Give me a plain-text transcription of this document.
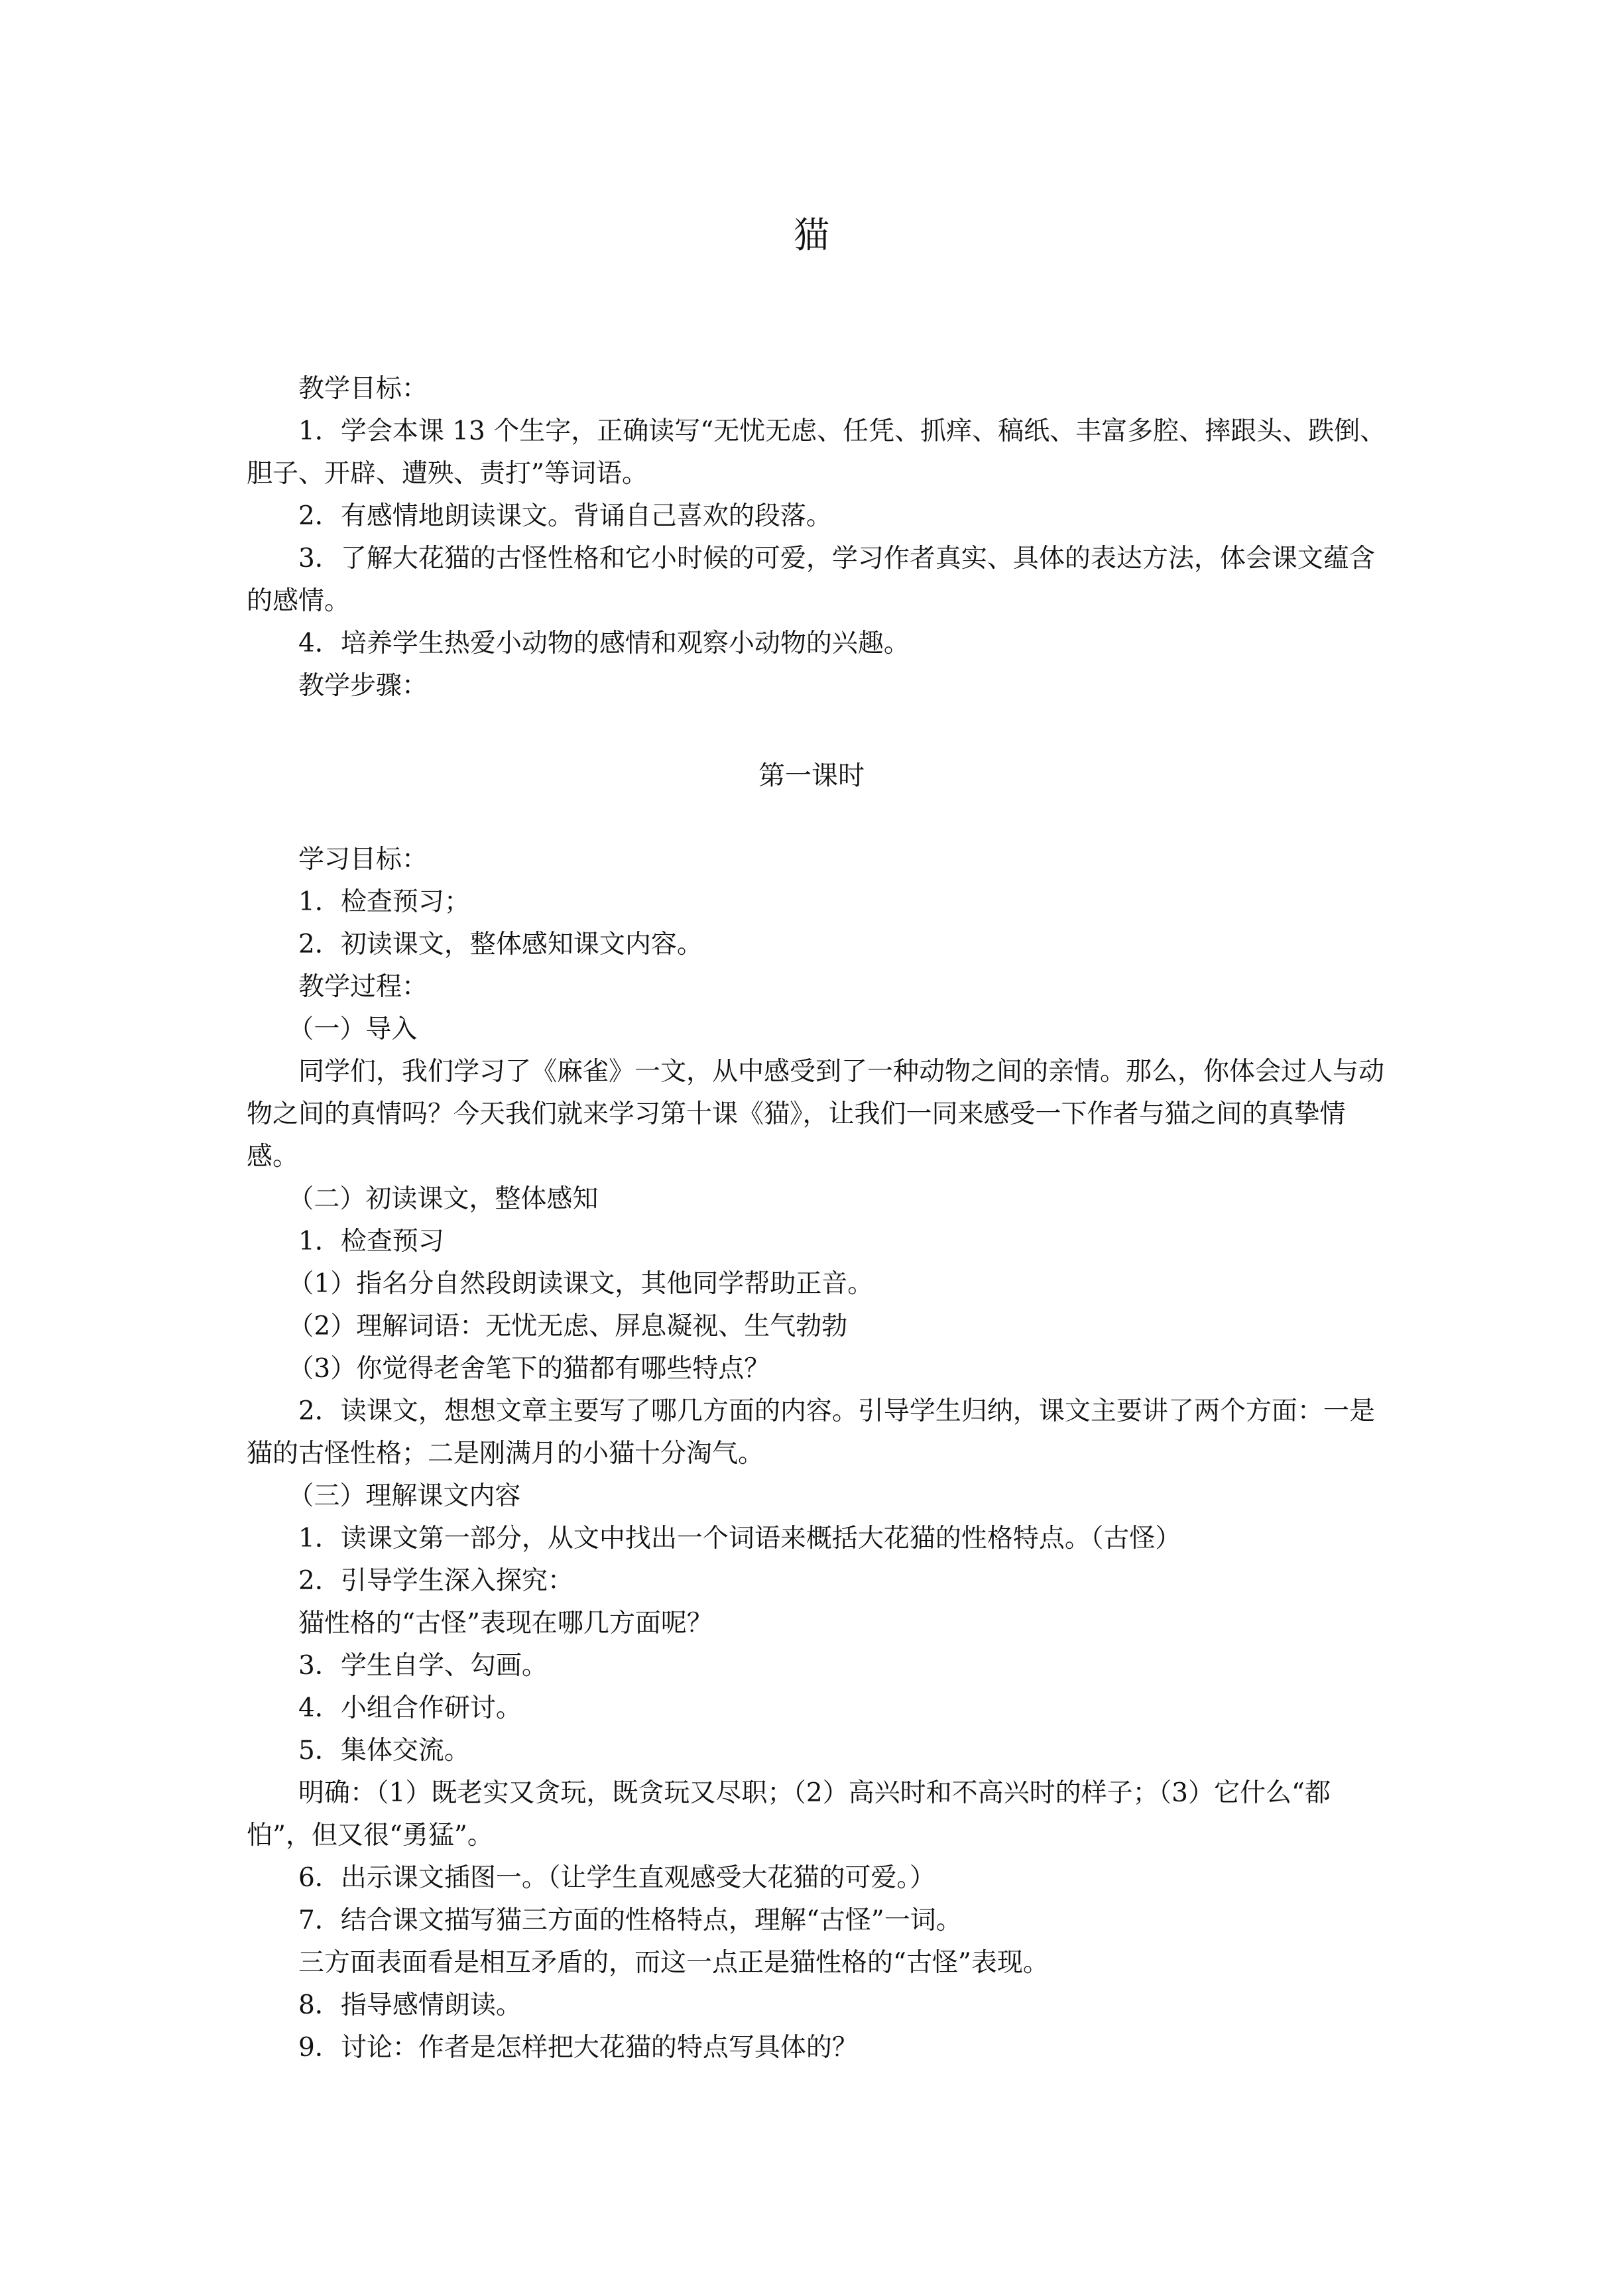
猫

教学目标：

1．学会本课 13 个生字，正确读写“无忧无虑、任凭、抓痒、稿纸、丰富多腔、摔跟头、跌倒、胆子、开辟、遭殃、责打”等词语。

2．有感情地朗读课文。背诵自己喜欢的段落。

3．了解大花猫的古怪性格和它小时候的可爱，学习作者真实、具体的表达方法，体会课文蕴含的感情。

4．培养学生热爱小动物的感情和观察小动物的兴趣。

教学步骤：

第一课时

学习目标：

1．检查预习；

2．初读课文，整体感知课文内容。

教学过程：

（一）导入

同学们，我们学习了《麻雀》一文，从中感受到了一种动物之间的亲情。那么，你体会过人与动物之间的真情吗？今天我们就来学习第十课《猫》，让我们一同来感受一下作者与猫之间的真挚情感。

（二）初读课文，整体感知

1．检查预习

（1）指名分自然段朗读课文，其他同学帮助正音。

（2）理解词语：无忧无虑、屏息凝视、生气勃勃

（3）你觉得老舍笔下的猫都有哪些特点？

2．读课文，想想文章主要写了哪几方面的内容。引导学生归纳，课文主要讲了两个方面：一是猫的古怪性格；二是刚满月的小猫十分淘气。

（三）理解课文内容

1．读课文第一部分，从文中找出一个词语来概括大花猫的性格特点。（古怪）

2．引导学生深入探究：

猫性格的“古怪”表现在哪几方面呢？

3．学生自学、勾画。

4．小组合作研讨。

5．集体交流。

明确：（1）既老实又贪玩，既贪玩又尽职；（2）高兴时和不高兴时的样子；（3）它什么“都怕”，但又很“勇猛”。

6．出示课文插图一。（让学生直观感受大花猫的可爱。）

7．结合课文描写猫三方面的性格特点，理解“古怪”一词。

三方面表面看是相互矛盾的，而这一点正是猫性格的“古怪”表现。

8．指导感情朗读。

9．讨论：作者是怎样把大花猫的特点写具体的？
